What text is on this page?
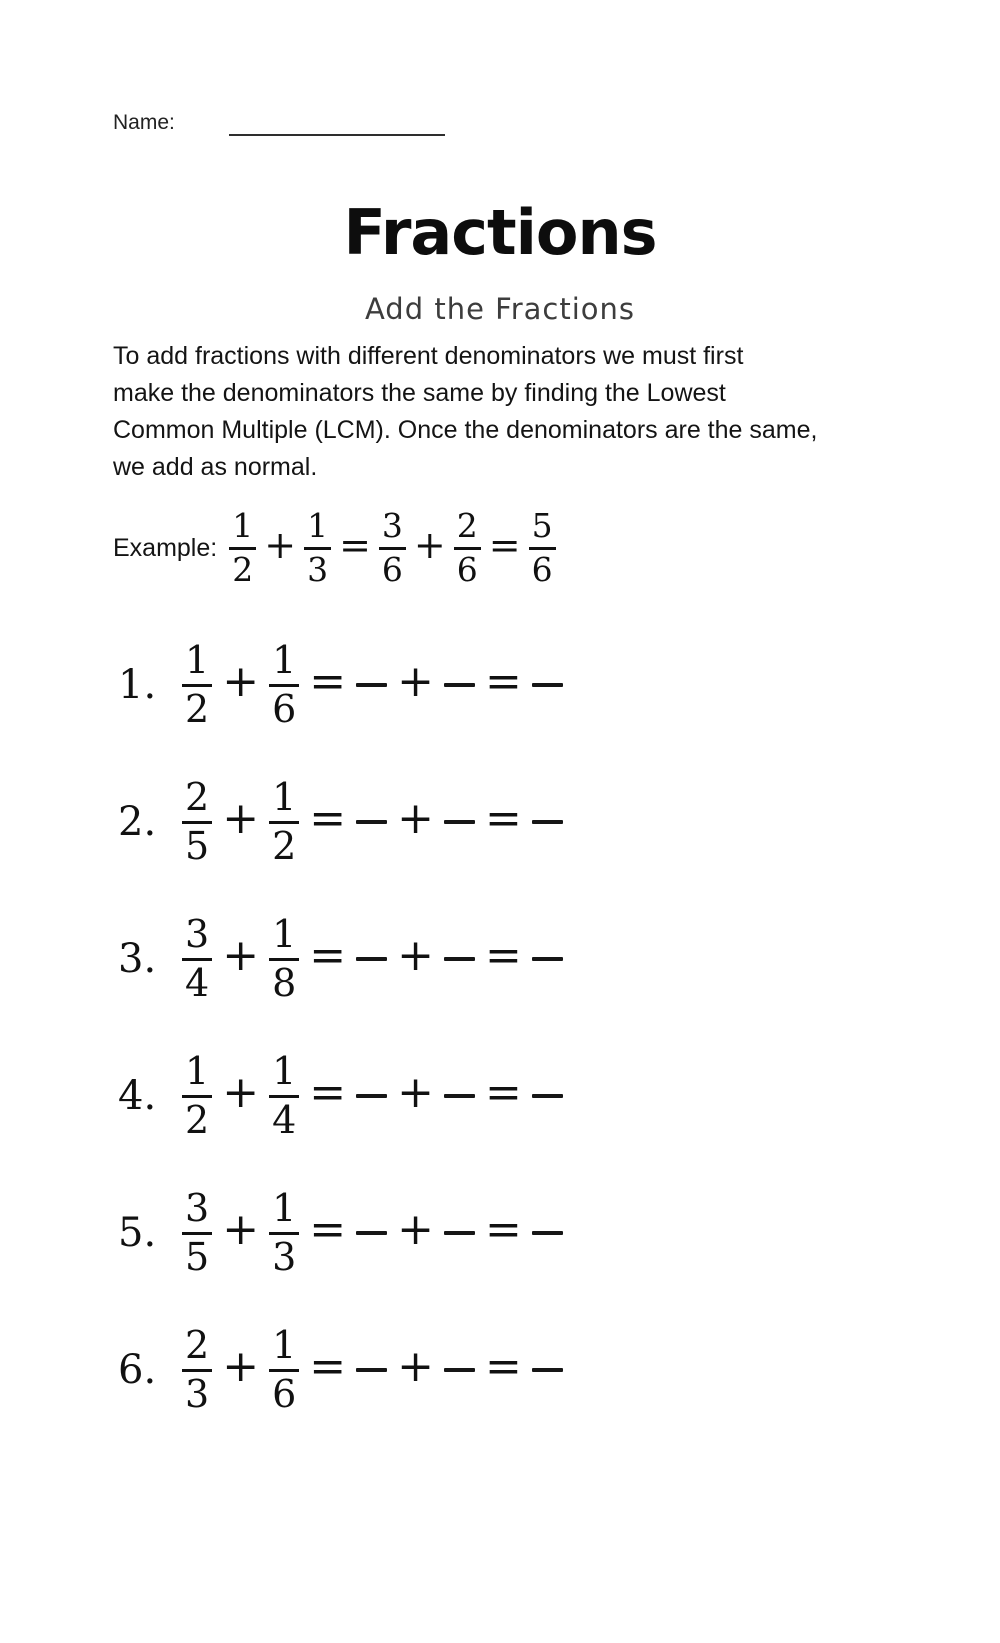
Name:
Fractions
Add the Fractions
To add fractions with different denominators we must first
make the denominators the same by finding the Lowest
Common Multiple (LCM). Once the denominators are the same,
we add as normal.
Example: $\frac{1}{2} + \frac{1}{3} = \frac{3}{6} + \frac{2}{6} = \frac{5}{6}$
1. $\frac{1}{2} + \frac{1}{6}$ = + =
2. $\frac{2}{5} + \frac{1}{2}$ = + =
3. $\frac{3}{4} + \frac{1}{8}$ = + =
4. $\frac{1}{2} + \frac{1}{4}$ = + =
5. $\frac{3}{5} + \frac{1}{3}$ = + =
6. $\frac{2}{3} + \frac{1}{6}$ = + =
